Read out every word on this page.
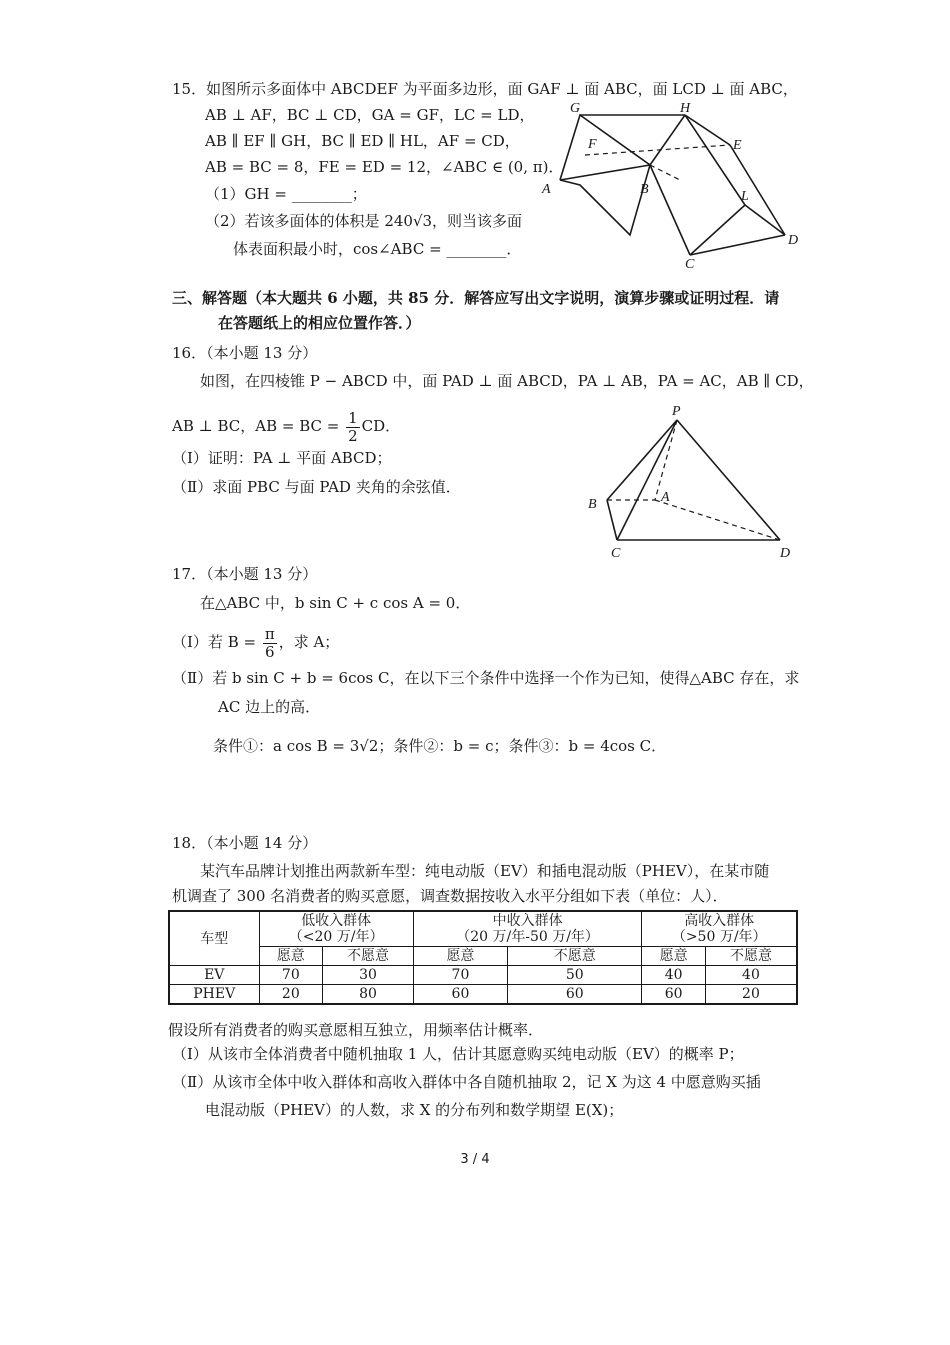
15．如图所示多面体中 ABCDEF 为平面多边形，面 GAF ⊥ 面 ABC，面 LCD ⊥ 面 ABC，
AB ⊥ AF，BC ⊥ CD，GA = GF，LC = LD，
AB ∥ EF ∥ GH，BC ∥ ED ∥ HL，AF = CD，
AB = BC = 8，FE = ED = 12，∠ABC ∈ (0, π)．
（1）GH = ________；
（2）若该多面体的体积是 240√3，则当该多面
体表面积最小时，cos∠ABC = ________．
G	H
F	E
A	B	L
D
C
三、解答题（本大题共 6 小题，共 85 分．解答应写出文字说明，演算步骤或证明过程．请
在答题纸上的相应位置作答．）
16．（本小题 13 分）
如图，在四棱锥 P − ABCD 中，面 PAD ⊥ 面 ABCD，PA ⊥ AB，PA = AC，AB ∥ CD，
AB ⊥ BC，AB = BC = $\frac{1}{2}$ CD．
（Ⅰ）证明：PA ⊥ 平面 ABCD；
（Ⅱ）求面 PBC 与面 PAD 夹角的余弦值．
P
B	A
C	D
17．（本小题 13 分）
在△ABC 中，b sin C + c cos A = 0．
（Ⅰ）若 $B = \frac{\pi}{6}$ ，求 A；
（Ⅱ）若 b sin C + b = 6cos C，在以下三个条件中选择一个作为已知，使得△ABC 存在，求
AC 边上的高．
条件①：a cos B = 3√2；条件②：b = c；条件③：b = 4cos C．
18．（本小题 14 分）
某汽车品牌计划推出两款新车型：纯电动版（EV）和插电混动版（PHEV），在某市随
机调查了 300 名消费者的购买意愿，调查数据按收入水平分组如下表（单位：人）．
车型	低收入群体
（<20 万/年）		中收入群体
（20 万/年-50 万/年）		高收入群体
（>50 万/年）	
	愿意	不愿意	愿意	不愿意	愿意	不愿意
EV	70	30	70	50	40	40
PHEV	20	80	60	60	60	20
假设所有消费者的购买意愿相互独立，用频率估计概率．
（Ⅰ）从该市全体消费者中随机抽取 1 人，估计其愿意购买纯电动版（EV）的概率 P；
（Ⅱ）从该市全体中收入群体和高收入群体中各自随机抽取 2，记 X 为这 4 中愿意购买插
电混动版（PHEV）的人数，求 X 的分布列和数学期望 E(X)；
3 / 4
